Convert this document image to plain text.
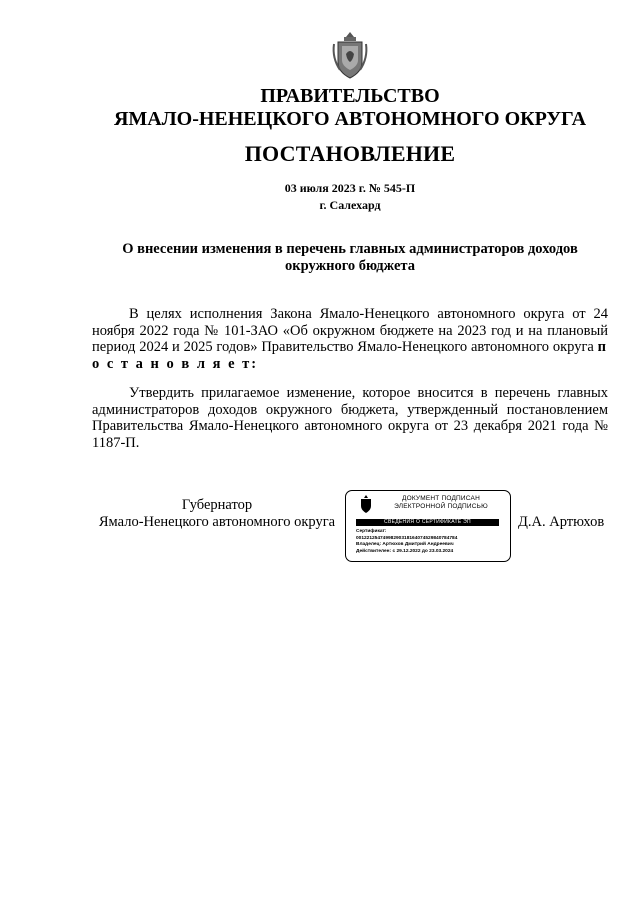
ПРАВИТЕЛЬСТВО
ЯМАЛО-НЕНЕЦКОГО АВТОНОМНОГО ОКРУГА
ПОСТАНОВЛЕНИЕ
03 июля 2023 г. № 545-П
г. Салехард
О внесении изменения в перечень главных администраторов доходов окружного бюджета

В целях исполнения Закона Ямало-Ненецкого автономного округа от 24 ноября 2022 года № 101-ЗАО «Об окружном бюджете на 2023 год и на плановый период 2024 и 2025 годов» Правительство Ямало-Ненецкого автономного округа п о с т а н о в л я е т:

Утвердить прилагаемое изменение, которое вносится в перечень главных администраторов доходов окружного бюджета, утвержденный постановлением Правительства Ямало-Ненецкого автономного округа от 23 декабря 2021 года № 1187-П.

Губернатор
Ямало-Ненецкого автономного округа
ДОКУМЕНТ ПОДПИСАН
ЭЛЕКТРОННОЙ ПОДПИСЬЮ
СВЕДЕНИЯ О СЕРТИФИКАТЕ ЭП
Сертификат:
00122125474998290318164074529840784784
Владелец: Артюхов Дмитрий Андреевич
Действителен: с 29.12.2022 до 23.03.2024
Д.А. Артюхов
